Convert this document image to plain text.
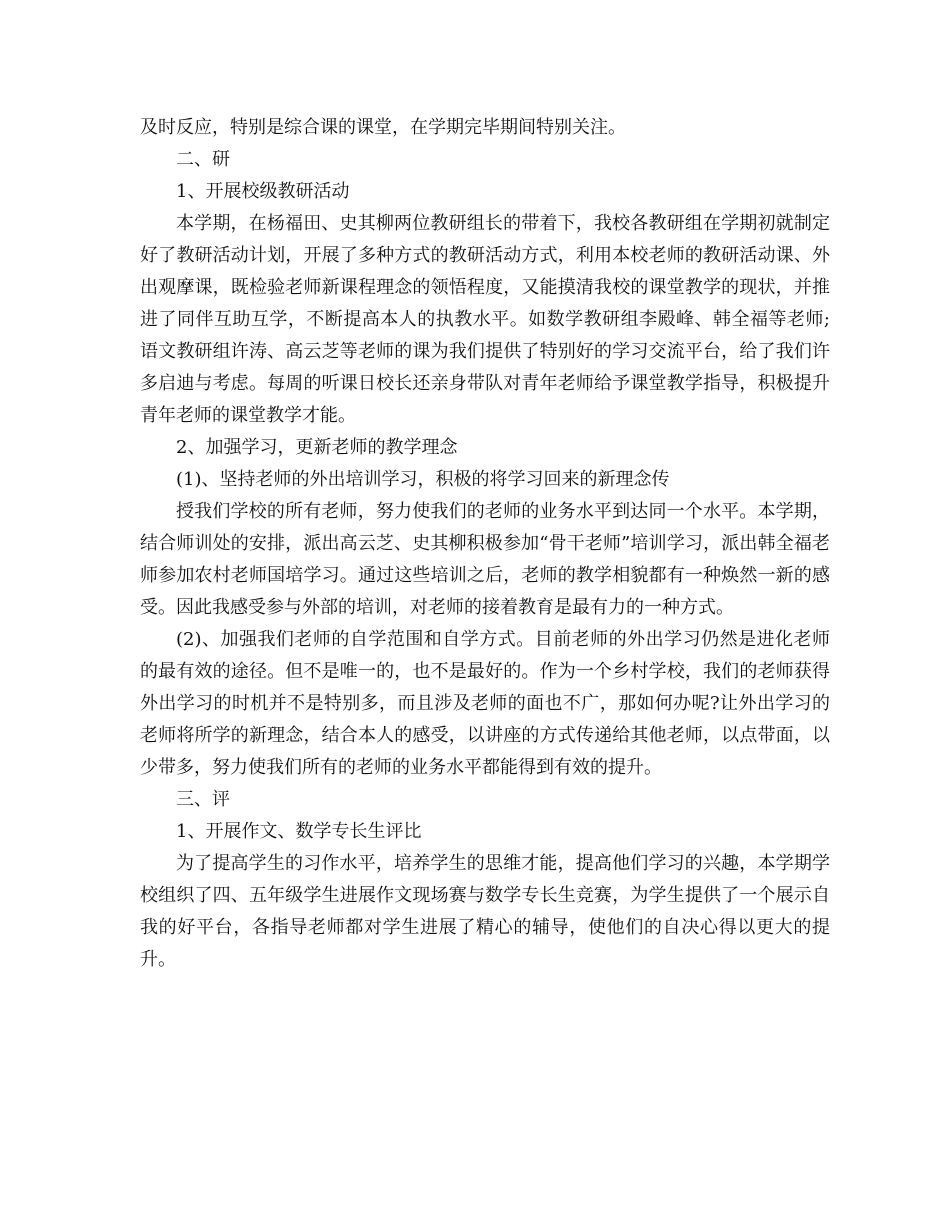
及时反应，特别是综合课的课堂，在学期完毕期间特别关注。

二、研

1、开展校级教研活动

本学期，在杨福田、史其柳两位教研组长的带着下，我校各教研组在学期初就制定好了教研活动计划，开展了多种方式的教研活动方式，利用本校老师的教研活动课、外出观摩课，既检验老师新课程理念的领悟程度，又能摸清我校的课堂教学的现状，并推进了同伴互助互学，不断提高本人的执教水平。如数学教研组李殿峰、韩全福等老师;语文教研组许涛、高云芝等老师的课为我们提供了特别好的学习交流平台，给了我们许多启迪与考虑。每周的听课日校长还亲身带队对青年老师给予课堂教学指导，积极提升青年老师的课堂教学才能。

2、加强学习，更新老师的教学理念

(1)、坚持老师的外出培训学习，积极的将学习回来的新理念传

授我们学校的所有老师，努力使我们的老师的业务水平到达同一个水平。本学期，结合师训处的安排，派出高云芝、史其柳积极参加“骨干老师”培训学习，派出韩全福老师参加农村老师国培学习。通过这些培训之后，老师的教学相貌都有一种焕然一新的感受。因此我感受参与外部的培训，对老师的接着教育是最有力的一种方式。

(2)、加强我们老师的自学范围和自学方式。目前老师的外出学习仍然是进化老师的最有效的途径。但不是唯一的，也不是最好的。作为一个乡村学校，我们的老师获得外出学习的时机并不是特别多，而且涉及老师的面也不广，那如何办呢?让外出学习的老师将所学的新理念，结合本人的感受，以讲座的方式传递给其他老师，以点带面，以少带多，努力使我们所有的老师的业务水平都能得到有效的提升。

三、评

1、开展作文、数学专长生评比

为了提高学生的习作水平，培养学生的思维才能，提高他们学习的兴趣，本学期学校组织了四、五年级学生进展作文现场赛与数学专长生竞赛，为学生提供了一个展示自我的好平台，各指导老师都对学生进展了精心的辅导，使他们的自决心得以更大的提升。
